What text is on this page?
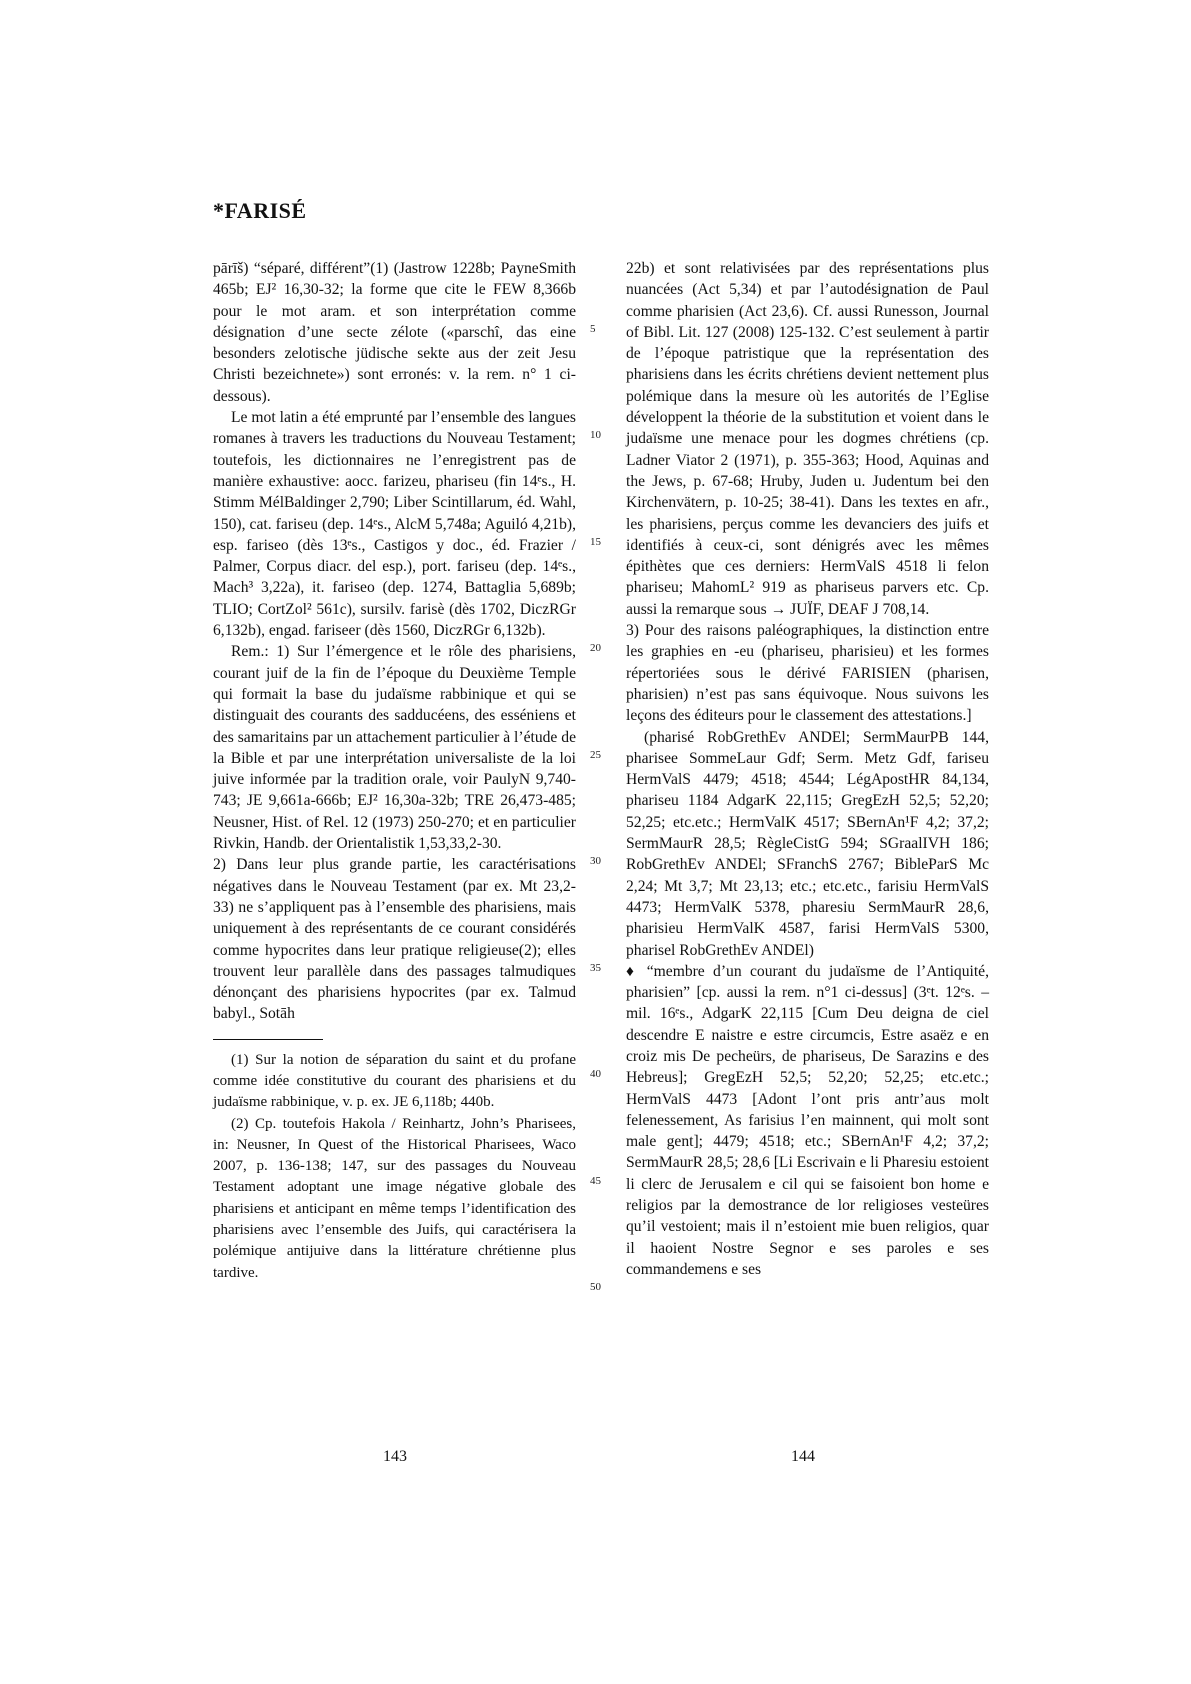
*FARISÉ

pārīš) “séparé, différent”(1) (Jastrow 1228b; PayneSmith 465b; EJ² 16,30-32; la forme que cite le FEW 8,366b pour le mot aram. et son interprétation comme désignation d’une secte zélote («parschî, das eine besonders zelotische jüdische sekte aus der zeit Jesu Christi bezeichnete») sont erronés: v. la rem. n° 1 ci-dessous).

Le mot latin a été emprunté par l’ensemble des langues romanes à travers les traductions du Nouveau Testament; toutefois, les dictionnaires ne l’enregistrent pas de manière exhaustive: aocc. farizeu, phariseu (fin 14ᵉs., H. Stimm MélBaldinger 2,790; Liber Scintillarum, éd. Wahl, 150), cat. fariseu (dep. 14ᵉs., AlcM 5,748a; Aguiló 4,21b), esp. fariseo (dès 13ᵉs., Castigos y doc., éd. Frazier / Palmer, Corpus diacr. del esp.), port. fariseu (dep. 14ᵉs., Mach³ 3,22a), it. fariseo (dep. 1274, Battaglia 5,689b; TLIO; CortZol² 561c), sursilv. farisè (dès 1702, DiczRGr 6,132b), engad. fariseer (dès 1560, DiczRGr 6,132b).

Rem.: 1) Sur l’émergence et le rôle des pharisiens, courant juif de la fin de l’époque du Deuxième Temple qui formait la base du judaïsme rabbinique et qui se distinguait des courants des sadducéens, des esséniens et des samaritains par un attachement particulier à l’étude de la Bible et par une interprétation universaliste de la loi juive informée par la tradition orale, voir PaulyN 9,740-743; JE 9,661a-666b; EJ² 16,30a-32b; TRE 26,473-485; Neusner, Hist. of Rel. 12 (1973) 250-270; et en particulier Rivkin, Handb. der Orientalistik 1,53,33,2-30.

2) Dans leur plus grande partie, les caractérisations négatives dans le Nouveau Testament (par ex. Mt 23,2-33) ne s’appliquent pas à l’ensemble des pharisiens, mais uniquement à des représentants de ce courant considérés comme hypocrites dans leur pratique religieuse(2); elles trouvent leur parallèle dans des passages talmudiques dénonçant des pharisiens hypocrites (par ex. Talmud babyl., Sotāh

(1) Sur la notion de séparation du saint et du profane comme idée constitutive du courant des pharisiens et du judaïsme rabbinique, v. p. ex. JE 6,118b; 440b.

(2) Cp. toutefois Hakola / Reinhartz, John’s Pharisees, in: Neusner, In Quest of the Historical Pharisees, Waco 2007, p. 136-138; 147, sur des passages du Nouveau Testament adoptant une image négative globale des pharisiens et anticipant en même temps l’identification des pharisiens avec l’ensemble des Juifs, qui caractérisera la polémique antijuive dans la littérature chrétienne plus tardive.

22b) et sont relativisées par des représentations plus nuancées (Act 5,34) et par l’autodésignation de Paul comme pharisien (Act 23,6). Cf. aussi Runesson, Journal of Bibl. Lit. 127 (2008) 125-132. C’est seulement à partir de l’époque patristique que la représentation des pharisiens dans les écrits chrétiens devient nettement plus polémique dans la mesure où les autorités de l’Eglise développent la théorie de la substitution et voient dans le judaïsme une menace pour les dogmes chrétiens (cp. Ladner Viator 2 (1971), p. 355-363; Hood, Aquinas and the Jews, p. 67-68; Hruby, Juden u. Judentum bei den Kirchenvätern, p. 10-25; 38-41). Dans les textes en afr., les pharisiens, perçus comme les devanciers des juifs et identifiés à ceux-ci, sont dénigrés avec les mêmes épithètes que ces derniers: HermValS 4518 li felon phariseu; MahomL² 919 as phariseus parvers etc. Cp. aussi la remarque sous → JUÏF, DEAF J 708,14.

3) Pour des raisons paléographiques, la distinction entre les graphies en -eu (phariseu, pharisieu) et les formes répertoriées sous le dérivé FARISIEN (pharisen, pharisien) n’est pas sans équivoque. Nous suivons les leçons des éditeurs pour le classement des attestations.]

(pharisé RobGrethEv ANDEl; SermMaurPB 144, pharisee SommeLaur Gdf; Serm. Metz Gdf, fariseu HermValS 4479; 4518; 4544; LégApostHR 84,134, phariseu 1184 AdgarK 22,115; GregEzH 52,5; 52,20; 52,25; etc.etc.; HermValK 4517; SBernAn¹F 4,2; 37,2; SermMaurR 28,5; RègleCistG 594; SGraalIVH 186; RobGrethEv ANDEl; SFranchS 2767; BibleParS Mc 2,24; Mt 3,7; Mt 23,13; etc.; etc.etc., farisiu HermValS 4473; HermValK 5378, pharesiu SermMaurR 28,6, pharisieu HermValK 4587, farisi HermValS 5300, pharisel RobGrethEv ANDEl)

♦ “membre d’un courant du judaïsme de l’Antiquité, pharisien” [cp. aussi la rem. n°1 ci-dessus] (3ᵉt. 12ᵉs. – mil. 16ᵉs., AdgarK 22,115 [Cum Deu deigna de ciel descendre E naistre e estre circumcis, Estre asaëz e en croiz mis De pecheürs, de phariseus, De Sarazins e des Hebreus]; GregEzH 52,5; 52,20; 52,25; etc.etc.; HermValS 4473 [Adont l’ont pris antr’aus molt felenessement, As farisius l’en mainnent, qui molt sont male gent]; 4479; 4518; etc.; SBernAn¹F 4,2; 37,2; SermMaurR 28,5; 28,6 [Li Escrivain e li Pharesiu estoient li clerc de Jerusalem e cil qui se faisoient bon home e religios par la demostrance de lor religioses vesteüres qu’il vestoient; mais il n’estoient mie buen religios, quar il haoient Nostre Segnor e ses paroles e ses commandemens e ses

5
10
15
20
25
30
35
40
45
50
143	144
